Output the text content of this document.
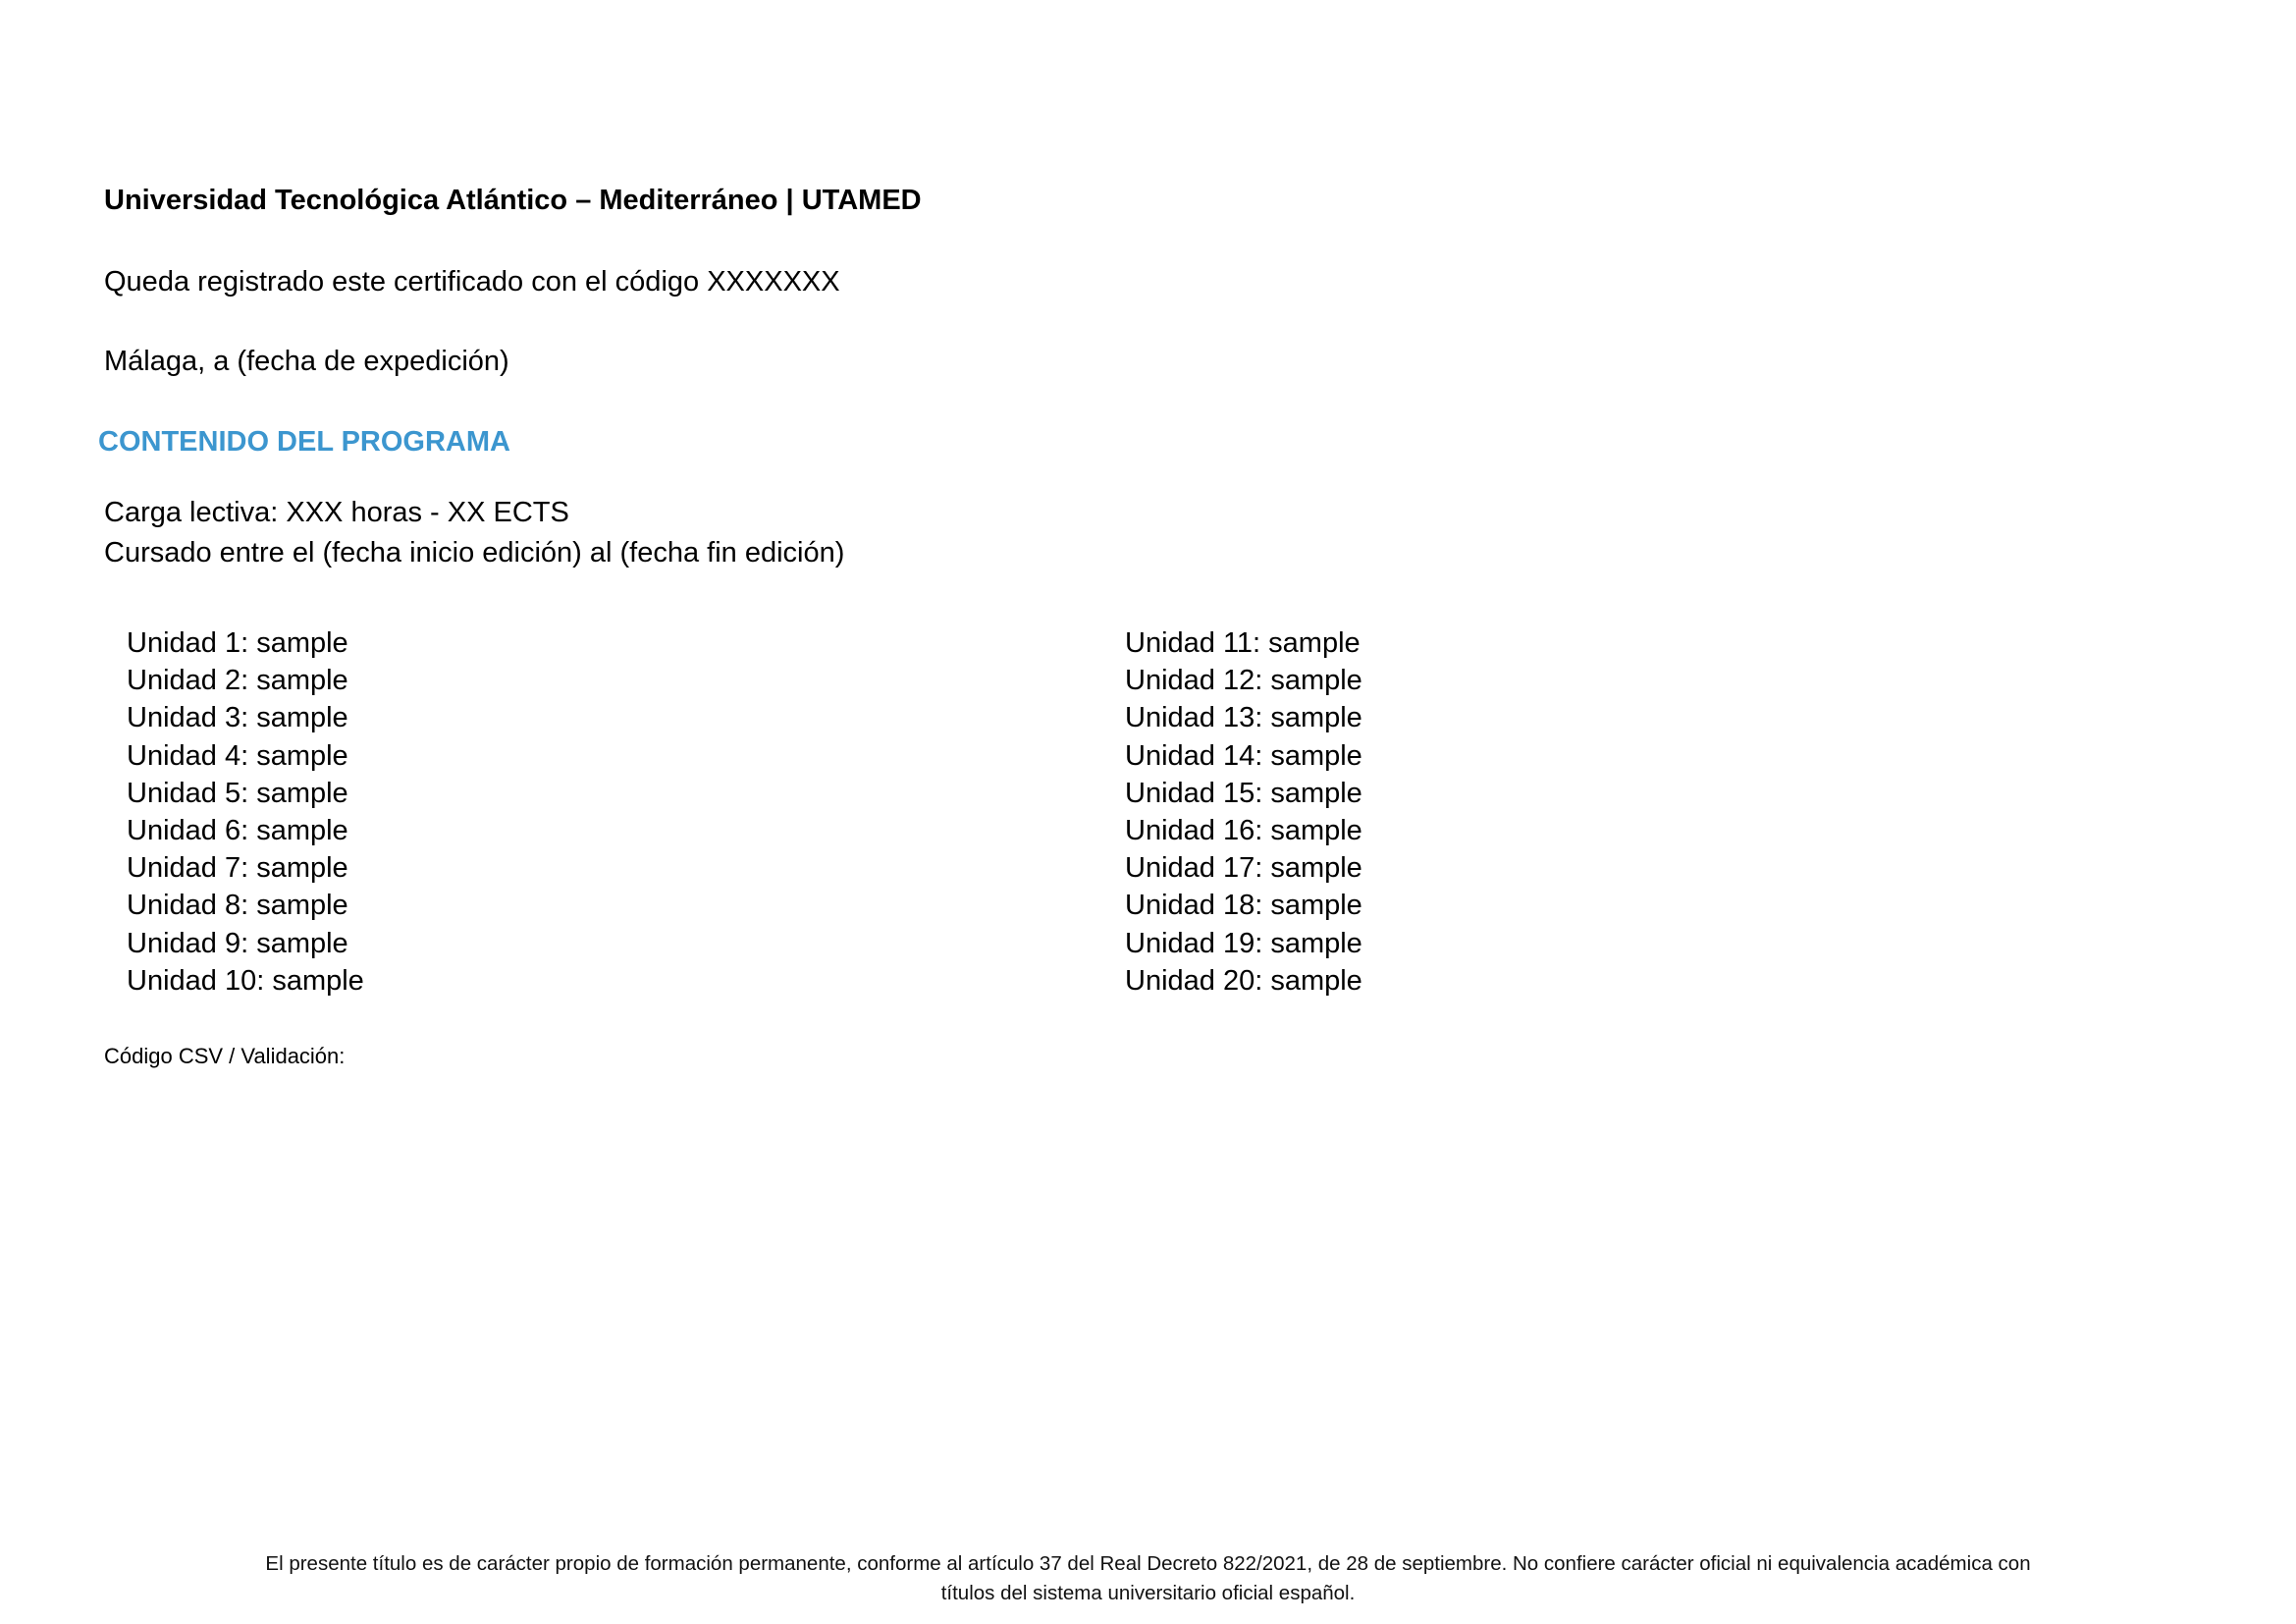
Universidad Tecnológica Atlántico – Mediterráneo | UTAMED
Queda registrado este certificado con el código XXXXXXX
Málaga, a (fecha de expedición)
CONTENIDO DEL PROGRAMA
Carga lectiva: XXX horas - XX ECTS
Cursado entre el (fecha inicio edición) al (fecha fin edición)
Unidad 1: sample
Unidad 2: sample
Unidad 3: sample
Unidad 4: sample
Unidad 5: sample
Unidad 6: sample
Unidad 7: sample
Unidad 8: sample
Unidad 9: sample
Unidad 10: sample
Unidad 11: sample
Unidad 12: sample
Unidad 13: sample
Unidad 14: sample
Unidad 15: sample
Unidad 16: sample
Unidad 17: sample
Unidad 18: sample
Unidad 19: sample
Unidad 20: sample
Código CSV / Validación:
El presente título es de carácter propio de formación permanente, conforme al artículo 37 del Real Decreto 822/2021, de 28 de septiembre. No confiere carácter oficial ni equivalencia académica con
títulos del sistema universitario oficial español.
